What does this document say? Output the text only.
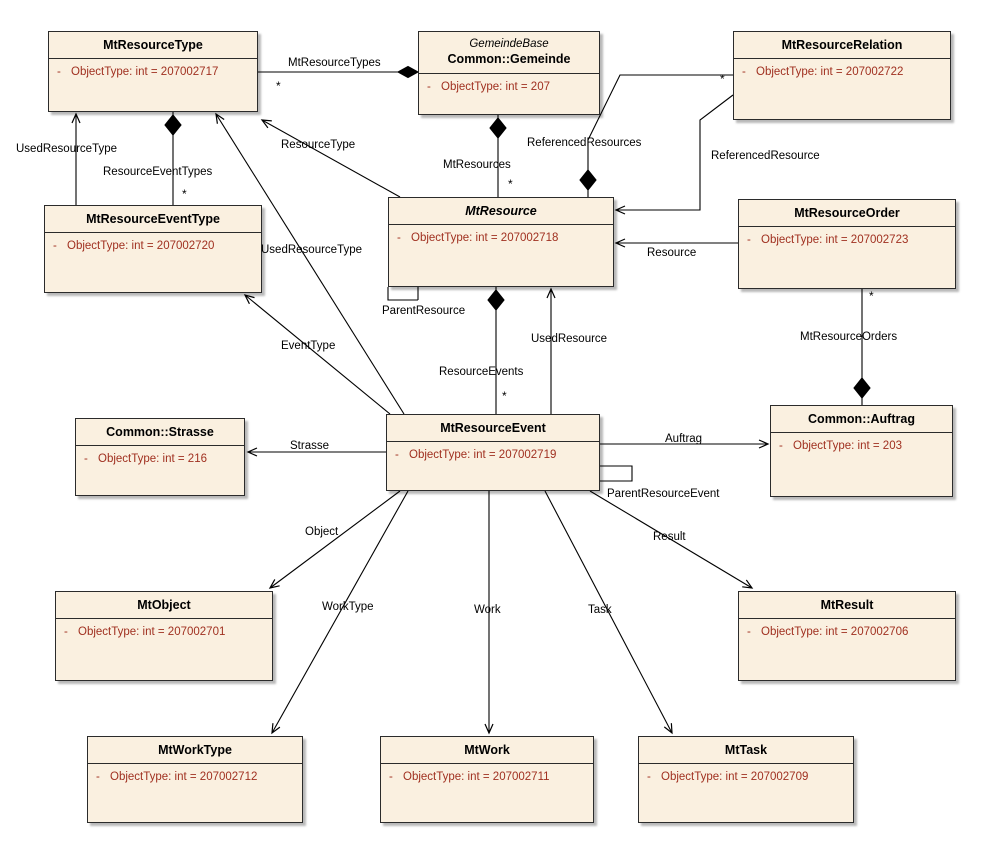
MtResourceType
- ObjectType: int = 207002717
GemeindeBase
Common::Gemeinde
- ObjectType: int = 207
MtResourceRelation
- ObjectType: int = 207002722
MtResourceEventType
- ObjectType: int = 207002720
MtResource
- ObjectType: int = 207002718
MtResourceOrder
- ObjectType: int = 207002723
Common::Strasse
- ObjectType: int = 216
MtResourceEvent
- ObjectType: int = 207002719
Common::Auftrag
- ObjectType: int = 203
MtObject
- ObjectType: int = 207002701
MtResult
- ObjectType: int = 207002706
MtWorkType
- ObjectType: int = 207002712
MtWork
- ObjectType: int = 207002711
MtTask
- ObjectType: int = 207002709
MtResourceTypes
UsedResourceType
ResourceEventTypes
ResourceType
MtResources
ReferencedResources
ReferencedResource
UsedResourceType	Resource
ParentResource
UsedResource	MtResourceOrders
EventType
ResourceEvents
Strasse
Auftrag
ParentResourceEvent
Object	Result
WorkType	Work	Task
*
*
*
*
*
*
